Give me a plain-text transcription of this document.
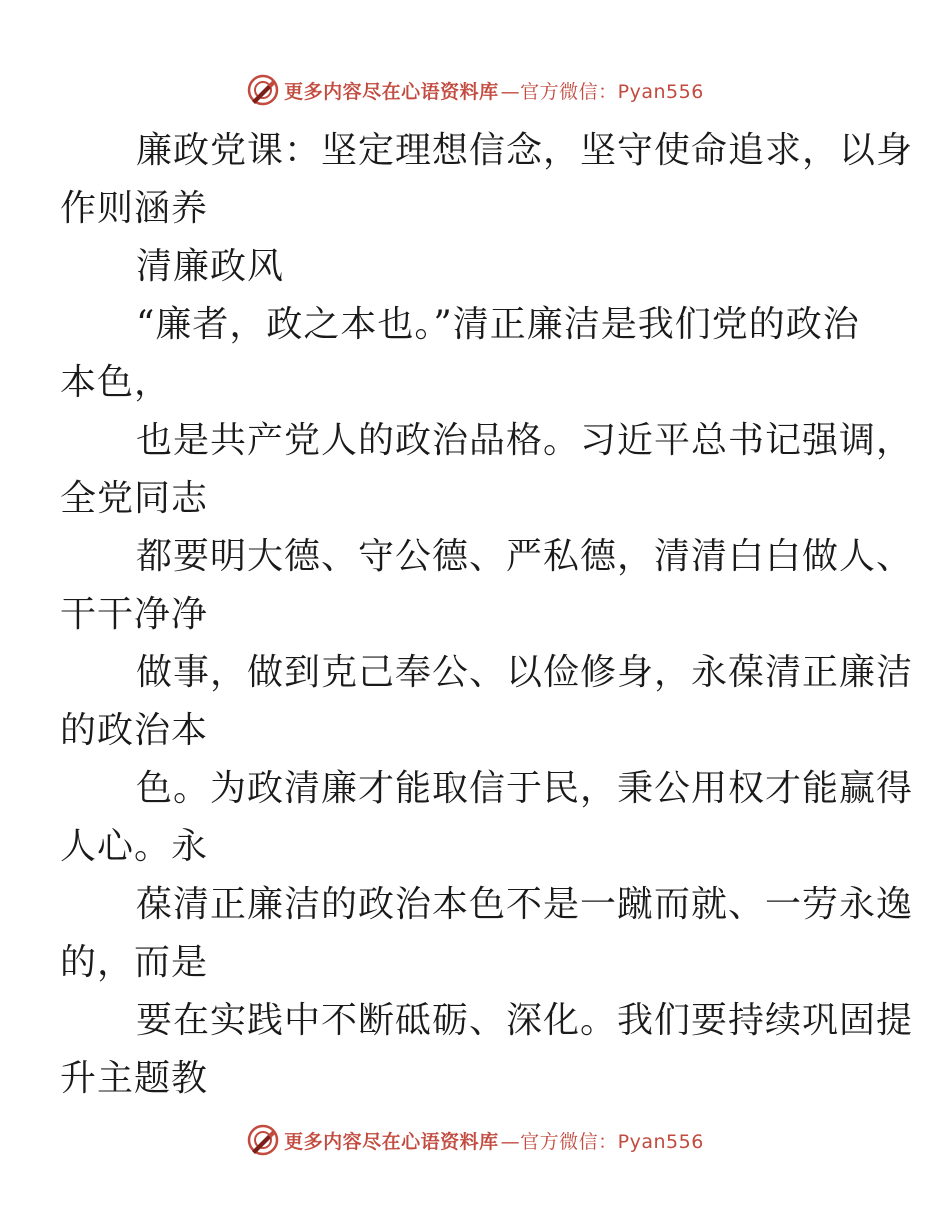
更多内容尽在心语资料库 —官方微信：Pyan556

廉政党课：坚定理想信念，坚守使命追求，以身
作则涵养

清廉政风

“廉者，政之本也。”清正廉洁是我们党的政治
本色，

也是共产党人的政治品格。习近平总书记强调，
全党同志

都要明大德、守公德、严私德，清清白白做人、
干干净净

做事，做到克己奉公、以俭修身，永葆清正廉洁
的政治本

色。为政清廉才能取信于民，秉公用权才能赢得
人心。永

葆清正廉洁的政治本色不是一蹴而就、一劳永逸
的，而是

要在实践中不断砥砺、深化。我们要持续巩固提
升主题教

更多内容尽在心语资料库 —官方微信：Pyan556
